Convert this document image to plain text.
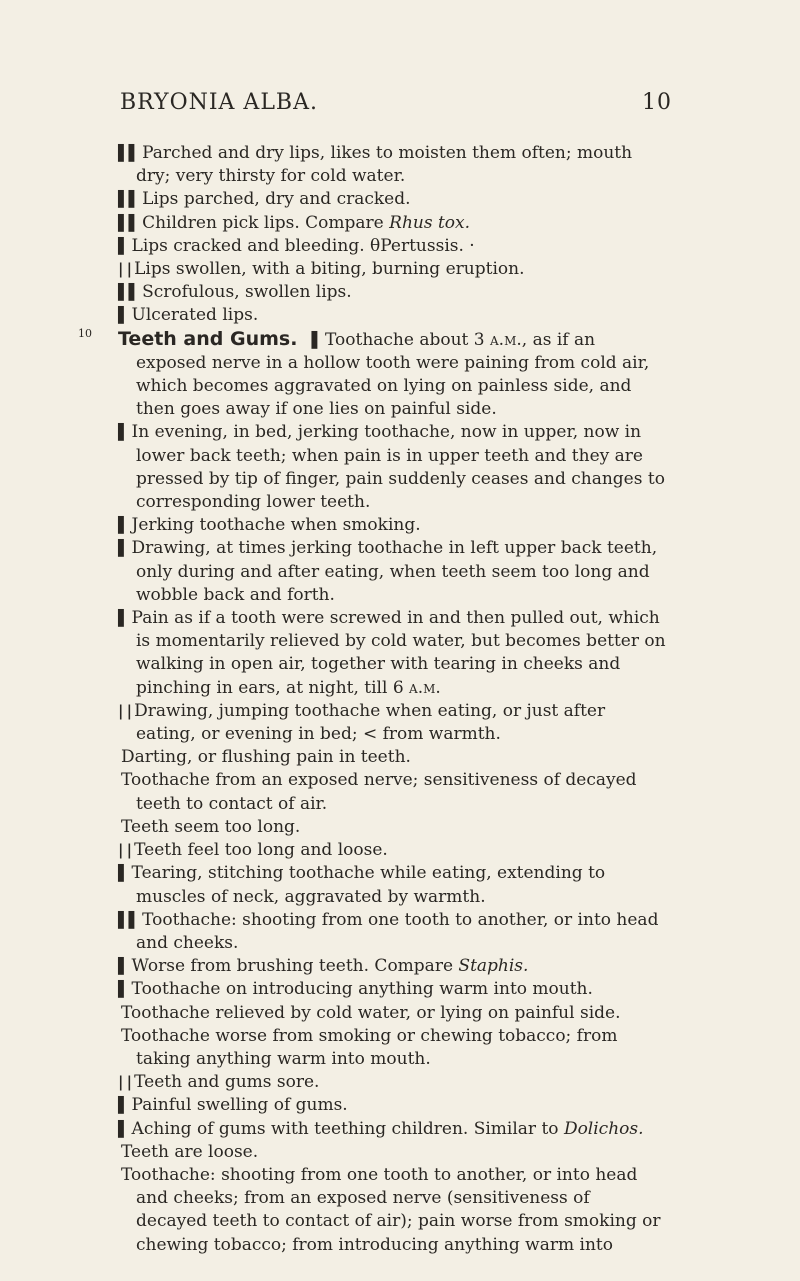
BRYONIA ALBA.	10

▌▌ Parched and dry lips, likes to moisten them often; mouth dry; very thirsty for cold water.

▌▌ Lips parched, dry and cracked.

▌▌ Children pick lips. Compare Rhus tox.

▌ Lips cracked and bleeding. θPertussis. ·

| | Lips swollen, with a biting, burning eruption.

▌▌ Scrofulous, swollen lips.

▌ Ulcerated lips.

10 Teeth and Gums. ▌ Toothache about 3 a.m., as if an exposed nerve in a hollow tooth were paining from cold air, which becomes aggravated on lying on painless side, and then goes away if one lies on painful side.

▌ In evening, in bed, jerking toothache, now in upper, now in lower back teeth; when pain is in upper teeth and they are pressed by tip of finger, pain suddenly ceases and changes to corresponding lower teeth.

▌ Jerking toothache when smoking.

▌ Drawing, at times jerking toothache in left upper back teeth, only during and after eating, when teeth seem too long and wobble back and forth.

▌ Pain as if a tooth were screwed in and then pulled out, which is momentarily relieved by cold water, but becomes better on walking in open air, together with tearing in cheeks and pinching in ears, at night, till 6 a.m.

| | Drawing, jumping toothache when eating, or just after eating, or evening in bed; < from warmth.

Darting, or flushing pain in teeth.

Toothache from an exposed nerve; sensitiveness of decayed teeth to contact of air.

Teeth seem too long.

| | Teeth feel too long and loose.

▌ Tearing, stitching toothache while eating, extending to muscles of neck, aggravated by warmth.

▌▌ Toothache: shooting from one tooth to another, or into head and cheeks.

▌ Worse from brushing teeth. Compare Staphis.

▌ Toothache on introducing anything warm into mouth.

Toothache relieved by cold water, or lying on painful side.

Toothache worse from smoking or chewing tobacco; from taking anything warm into mouth.

| | Teeth and gums sore.

▌ Painful swelling of gums.

▌ Aching of gums with teething children. Similar to Dolichos.

Teeth are loose.

Toothache: shooting from one tooth to another, or into head and cheeks; from an exposed nerve (sensitiveness of decayed teeth to contact of air); pain worse from smoking or chewing tobacco; from introducing anything warm into
